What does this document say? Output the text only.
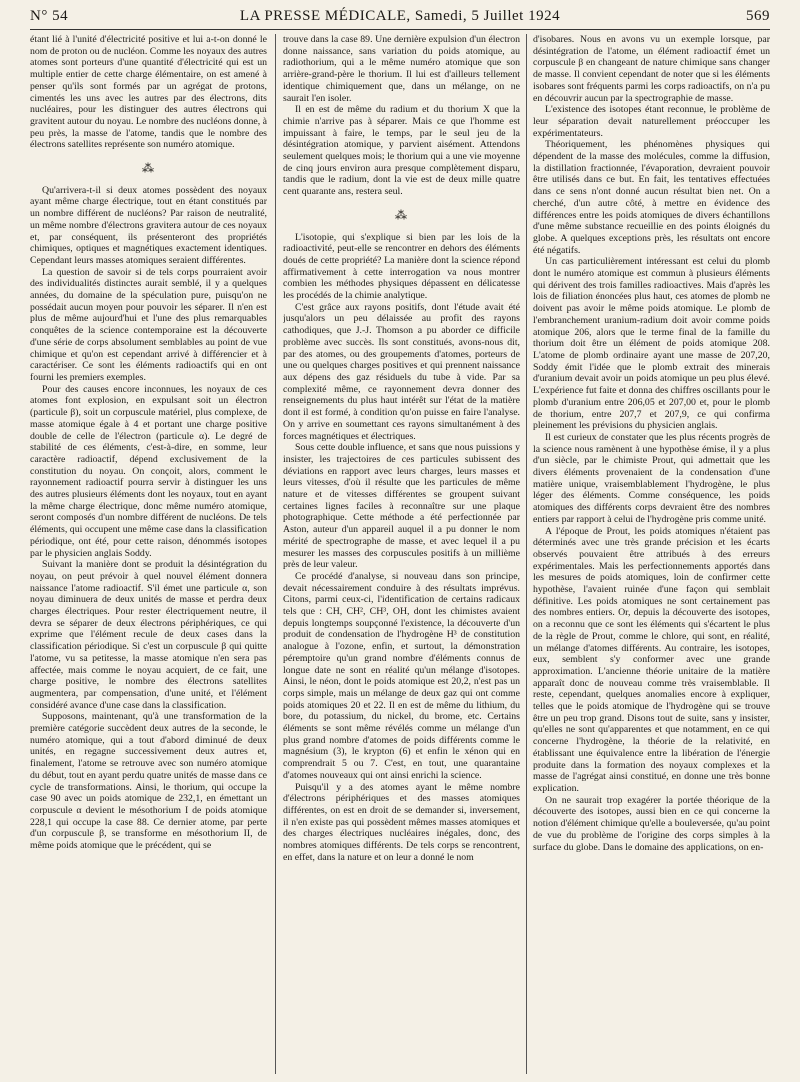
N° 54	LA PRESSE MÉDICALE, Samedi, 5 Juillet 1924	569

étant lié à l'unité d'électricité positive et lui a-t-on donné le nom de proton ou de nucléon. Comme les noyaux des autres atomes sont porteurs d'une quantité d'électricité qui est un multiple entier de cette charge élémentaire, on est amené à penser qu'ils sont formés par un agrégat de protons, cimentés les uns avec les autres par des électrons, dits nucléaires, pour les distinguer des autres électrons qui gravitent autour du noyau. Le nombre des nucléons donne, à peu près, la masse de l'atome, tandis que le nombre des électrons satellites représente son numéro atomique.

⁂

Qu'arrivera-t-il si deux atomes possèdent des noyaux ayant même charge électrique, tout en étant constitués par un nombre différent de nucléons? Par raison de neutralité, un même nombre d'électrons gravitera autour de ces noyaux et, par conséquent, ils présenteront des propriétés chimiques, optiques et magnétiques exactement identiques. Cependant leurs masses atomiques seraient différentes.

La question de savoir si de tels corps pourraient avoir des individualités distinctes aurait semblé, il y a quelques années, du domaine de la spéculation pure, puisqu'on ne possédait aucun moyen pour pouvoir les séparer. Il n'en est plus de même aujourd'hui et l'une des plus remarquables conquêtes de la science contemporaine est la découverte d'une série de corps absolument semblables au point de vue chimique et qu'on est cependant arrivé à différencier et à caractériser. Ce sont les éléments radioactifs qui en ont fourni les premiers exemples.

Pour des causes encore inconnues, les noyaux de ces atomes font explosion, en expulsant soit un électron (particule β), soit un corpuscule matériel, plus complexe, de masse atomique égale à 4 et portant une charge positive double de celle de l'électron (particule α). Le degré de stabilité de ces éléments, c'est-à-dire, en somme, leur caractère radioactif, dépend exclusivement de la constitution du noyau. On conçoit, alors, comment le rayonnement radioactif pourra servir à distinguer les uns des autres plusieurs éléments dont les noyaux, tout en ayant la même charge électrique, donc même numéro atomique, seront composés d'un nombre différent de nucléons. De tels éléments, qui occupent une même case dans la classification périodique, ont été, pour cette raison, dénommés isotopes par le physicien anglais Soddy.

Suivant la manière dont se produit la désintégration du noyau, on peut prévoir à quel nouvel élément donnera naissance l'atome radioactif. S'il émet une particule α, son noyau diminuera de deux unités de masse et perdra deux charges électriques. Pour rester électriquement neutre, il devra se séparer de deux électrons périphériques, ce qui exprime que l'élément recule de deux cases dans la classification périodique. Si c'est un corpuscule β qui quitte l'atome, vu sa petitesse, la masse atomique n'en sera pas affectée, mais comme le noyau acquiert, de ce fait, une charge positive, le nombre des électrons satellites augmentera, par compensation, d'une unité, et l'élément considéré avance d'une case dans la classification.

Supposons, maintenant, qu'à une transformation de la première catégorie succèdent deux autres de la seconde, le numéro atomique, qui a tout d'abord diminué de deux unités, en regagne successivement deux autres et, finalement, l'atome se retrouve avec son numéro atomique du début, tout en ayant perdu quatre unités de masse dans ce cycle de transformations. Ainsi, le thorium, qui occupe la case 90 avec un poids atomique de 232,1, en émettant un corpuscule α devient le mésothorium I de poids atomique 228,1 qui occupe la case 88. Ce dernier atome, par perte d'un corpuscule β, se transforme en mésothorium II, de même poids atomique que le précédent, qui se

trouve dans la case 89. Une dernière expulsion d'un électron donne naissance, sans variation du poids atomique, au radiothorium, qui a le même numéro atomique que son arrière-grand-père le thorium. Il lui est d'ailleurs tellement identique chimiquement que, dans un mélange, on ne saurait l'en isoler.

Il en est de même du radium et du thorium X que la chimie n'arrive pas à séparer. Mais ce que l'homme est impuissant à faire, le temps, par le seul jeu de la désintégration atomique, y parvient aisément. Attendons seulement quelques mois; le thorium qui a une vie moyenne de cinq jours environ aura presque complètement disparu, tandis que le radium, dont la vie est de deux mille quatre cent quarante ans, restera seul.

⁂

L'isotopie, qui s'explique si bien par les lois de la radioactivité, peut-elle se rencontrer en dehors des éléments doués de cette propriété? La manière dont la science répond affirmativement à cette interrogation va nous montrer combien les méthodes physiques dépassent en délicatesse les procédés de la chimie analytique.

C'est grâce aux rayons positifs, dont l'étude avait été jusqu'alors un peu délaissée au profit des rayons cathodiques, que J.-J. Thomson a pu aborder ce difficile problème avec succès. Ils sont constitués, avons-nous dit, par des atomes, ou des groupements d'atomes, porteurs de une ou quelques charges positives et qui prennent naissance aux dépens des gaz résiduels du tube à vide. Par sa complexité même, ce rayonnement devra donner des renseignements du plus haut intérêt sur l'état de la matière dont il est formé, à condition qu'on puisse en faire l'analyse. On y arrive en soumettant ces rayons simultanément à des forces magnétiques et électriques.

Sous cette double influence, et sans que nous puissions y insister, les trajectoires de ces particules subissent des déviations en rapport avec leurs charges, leurs masses et leurs vitesses, d'où il résulte que les particules de même nature et de vitesses différentes se groupent suivant certaines lignes faciles à reconnaître sur une plaque photographique. Cette méthode a été perfectionnée par Aston, auteur d'un appareil auquel il a pu donner le nom mérité de spectrographe de masse, et avec lequel il a pu mesurer les masses des corpuscules positifs à un millième près de leur valeur.

Ce procédé d'analyse, si nouveau dans son principe, devait nécessairement conduire à des résultats imprévus. Citons, parmi ceux-ci, l'identification de certains radicaux tels que : CH, CH², CH³, OH, dont les chimistes avaient depuis longtemps soupçonné l'existence, la découverte d'un produit de condensation de l'hydrogène H³ de constitution analogue à l'ozone, enfin, et surtout, la démonstration péremptoire qu'un grand nombre d'éléments connus de longue date ne sont en réalité qu'un mélange d'isotopes. Ainsi, le néon, dont le poids atomique est 20,2, n'est pas un corps simple, mais un mélange de deux gaz qui ont comme poids atomiques 20 et 22. Il en est de même du lithium, du bore, du potassium, du nickel, du brome, etc. Certains éléments se sont même révélés comme un mélange d'un plus grand nombre d'atomes de poids différents comme le magnésium (3), le krypton (6) et enfin le xénon qui en comprendrait 5 ou 7. C'est, en tout, une quarantaine d'atomes nouveaux qui ont ainsi enrichi la science.

Puisqu'il y a des atomes ayant le même nombre d'électrons périphériques et des masses atomiques différentes, on est en droit de se demander si, inversement, il n'en existe pas qui possèdent mêmes masses atomiques et des charges électriques nucléaires inégales, donc, des nombres atomiques différents. De tels corps se rencontrent, en effet, dans la nature et on leur a donné le nom

d'isobares. Nous en avons vu un exemple lorsque, par désintégration de l'atome, un élément radioactif émet un corpuscule β en changeant de nature chimique sans changer de masse. Il convient cependant de noter que si les éléments isobares sont fréquents parmi les corps radioactifs, on n'a pu en découvrir aucun par la spectrographie de masse.

L'existence des isotopes étant reconnue, le problème de leur séparation devait naturellement préoccuper les expérimentateurs.

Théoriquement, les phénomènes physiques qui dépendent de la masse des molécules, comme la diffusion, la distillation fractionnée, l'évaporation, devraient pouvoir être utilisés dans ce but. En fait, les tentatives effectuées dans ce sens n'ont donné aucun résultat bien net. On a cherché, d'un autre côté, à mettre en évidence des différences entre les poids atomiques de divers échantillons d'une même substance recueillie en des points éloignés du globe. A quelques exceptions près, les résultats ont encore été négatifs.

Un cas particulièrement intéressant est celui du plomb dont le numéro atomique est commun à plusieurs éléments qui dérivent des trois familles radioactives. Mais d'après les lois de filiation énoncées plus haut, ces atomes de plomb ne doivent pas avoir le même poids atomique. Le plomb de l'embranchement uranium-radium doit avoir comme poids atomique 206, alors que le terme final de la famille du thorium doit être un élément de poids atomique 208. L'atome de plomb ordinaire ayant une masse de 207,20, Soddy émit l'idée que le plomb extrait des minerais d'uranium devait avoir un poids atomique un peu plus élevé. L'expérience fut faite et donna des chiffres oscillants pour le plomb d'uranium entre 206,05 et 207,00 et, pour le plomb de thorium, entre 207,7 et 207,9, ce qui confirma pleinement les prévisions du physicien anglais.

Il est curieux de constater que les plus récents progrès de la science nous ramènent à une hypothèse émise, il y a plus d'un siècle, par le chimiste Prout, qui admettait que les divers éléments provenaient de la condensation d'une matière unique, vraisemblablement l'hydrogène, le plus léger des éléments. Comme conséquence, les poids atomiques des différents corps devraient être des nombres entiers par rapport à celui de l'hydrogène pris comme unité.

A l'époque de Prout, les poids atomiques n'étaient pas déterminés avec une très grande précision et les écarts observés pouvaient être attribués à des erreurs expérimentales. Mais les perfectionnements apportés dans les mesures de poids atomiques, loin de confirmer cette hypothèse, l'avaient ruinée d'une façon qui semblait définitive. Les poids atomiques ne sont certainement pas des nombres entiers. Or, depuis la découverte des isotopes, on a reconnu que ce sont les éléments qui s'écartent le plus de la règle de Prout, comme le chlore, qui sont, en réalité, un mélange d'atomes différents. Au contraire, les isotopes, eux, semblent s'y conformer avec une grande approximation. L'ancienne théorie unitaire de la matière apparaît donc de nouveau comme très vraisemblable. Il reste, cependant, quelques anomalies encore à expliquer, telles que le poids atomique de l'hydrogène qui se trouve être un peu trop grand. Disons tout de suite, sans y insister, qu'elles ne sont qu'apparentes et que notamment, en ce qui concerne l'hydrogène, la théorie de la relativité, en établissant une équivalence entre la libération de l'énergie produite dans la formation des noyaux complexes et la masse de l'agrégat ainsi constitué, en donne une très bonne explication.

On ne saurait trop exagérer la portée théorique de la découverte des isotopes, aussi bien en ce qui concerne la notion d'élément chimique qu'elle a bouleversée, qu'au point de vue du problème de l'origine des corps simples à la surface du globe. Dans le domaine des applications, on en-
